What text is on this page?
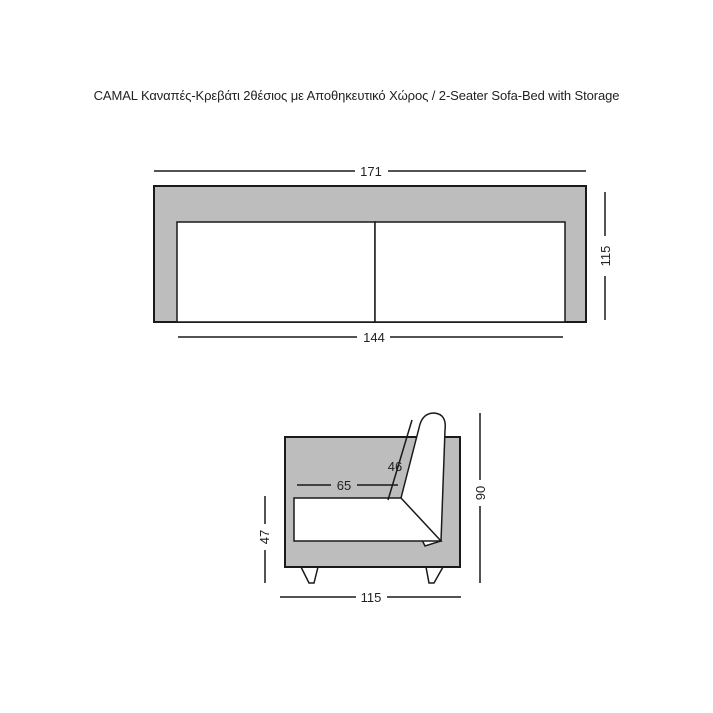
CAMAL Καναπές-Κρεβάτι 2θέσιος με Αποθηκευτικό Χώρος / 2-Seater Sofa-Bed with Storage
171
115
144
46
65	90
47
115
